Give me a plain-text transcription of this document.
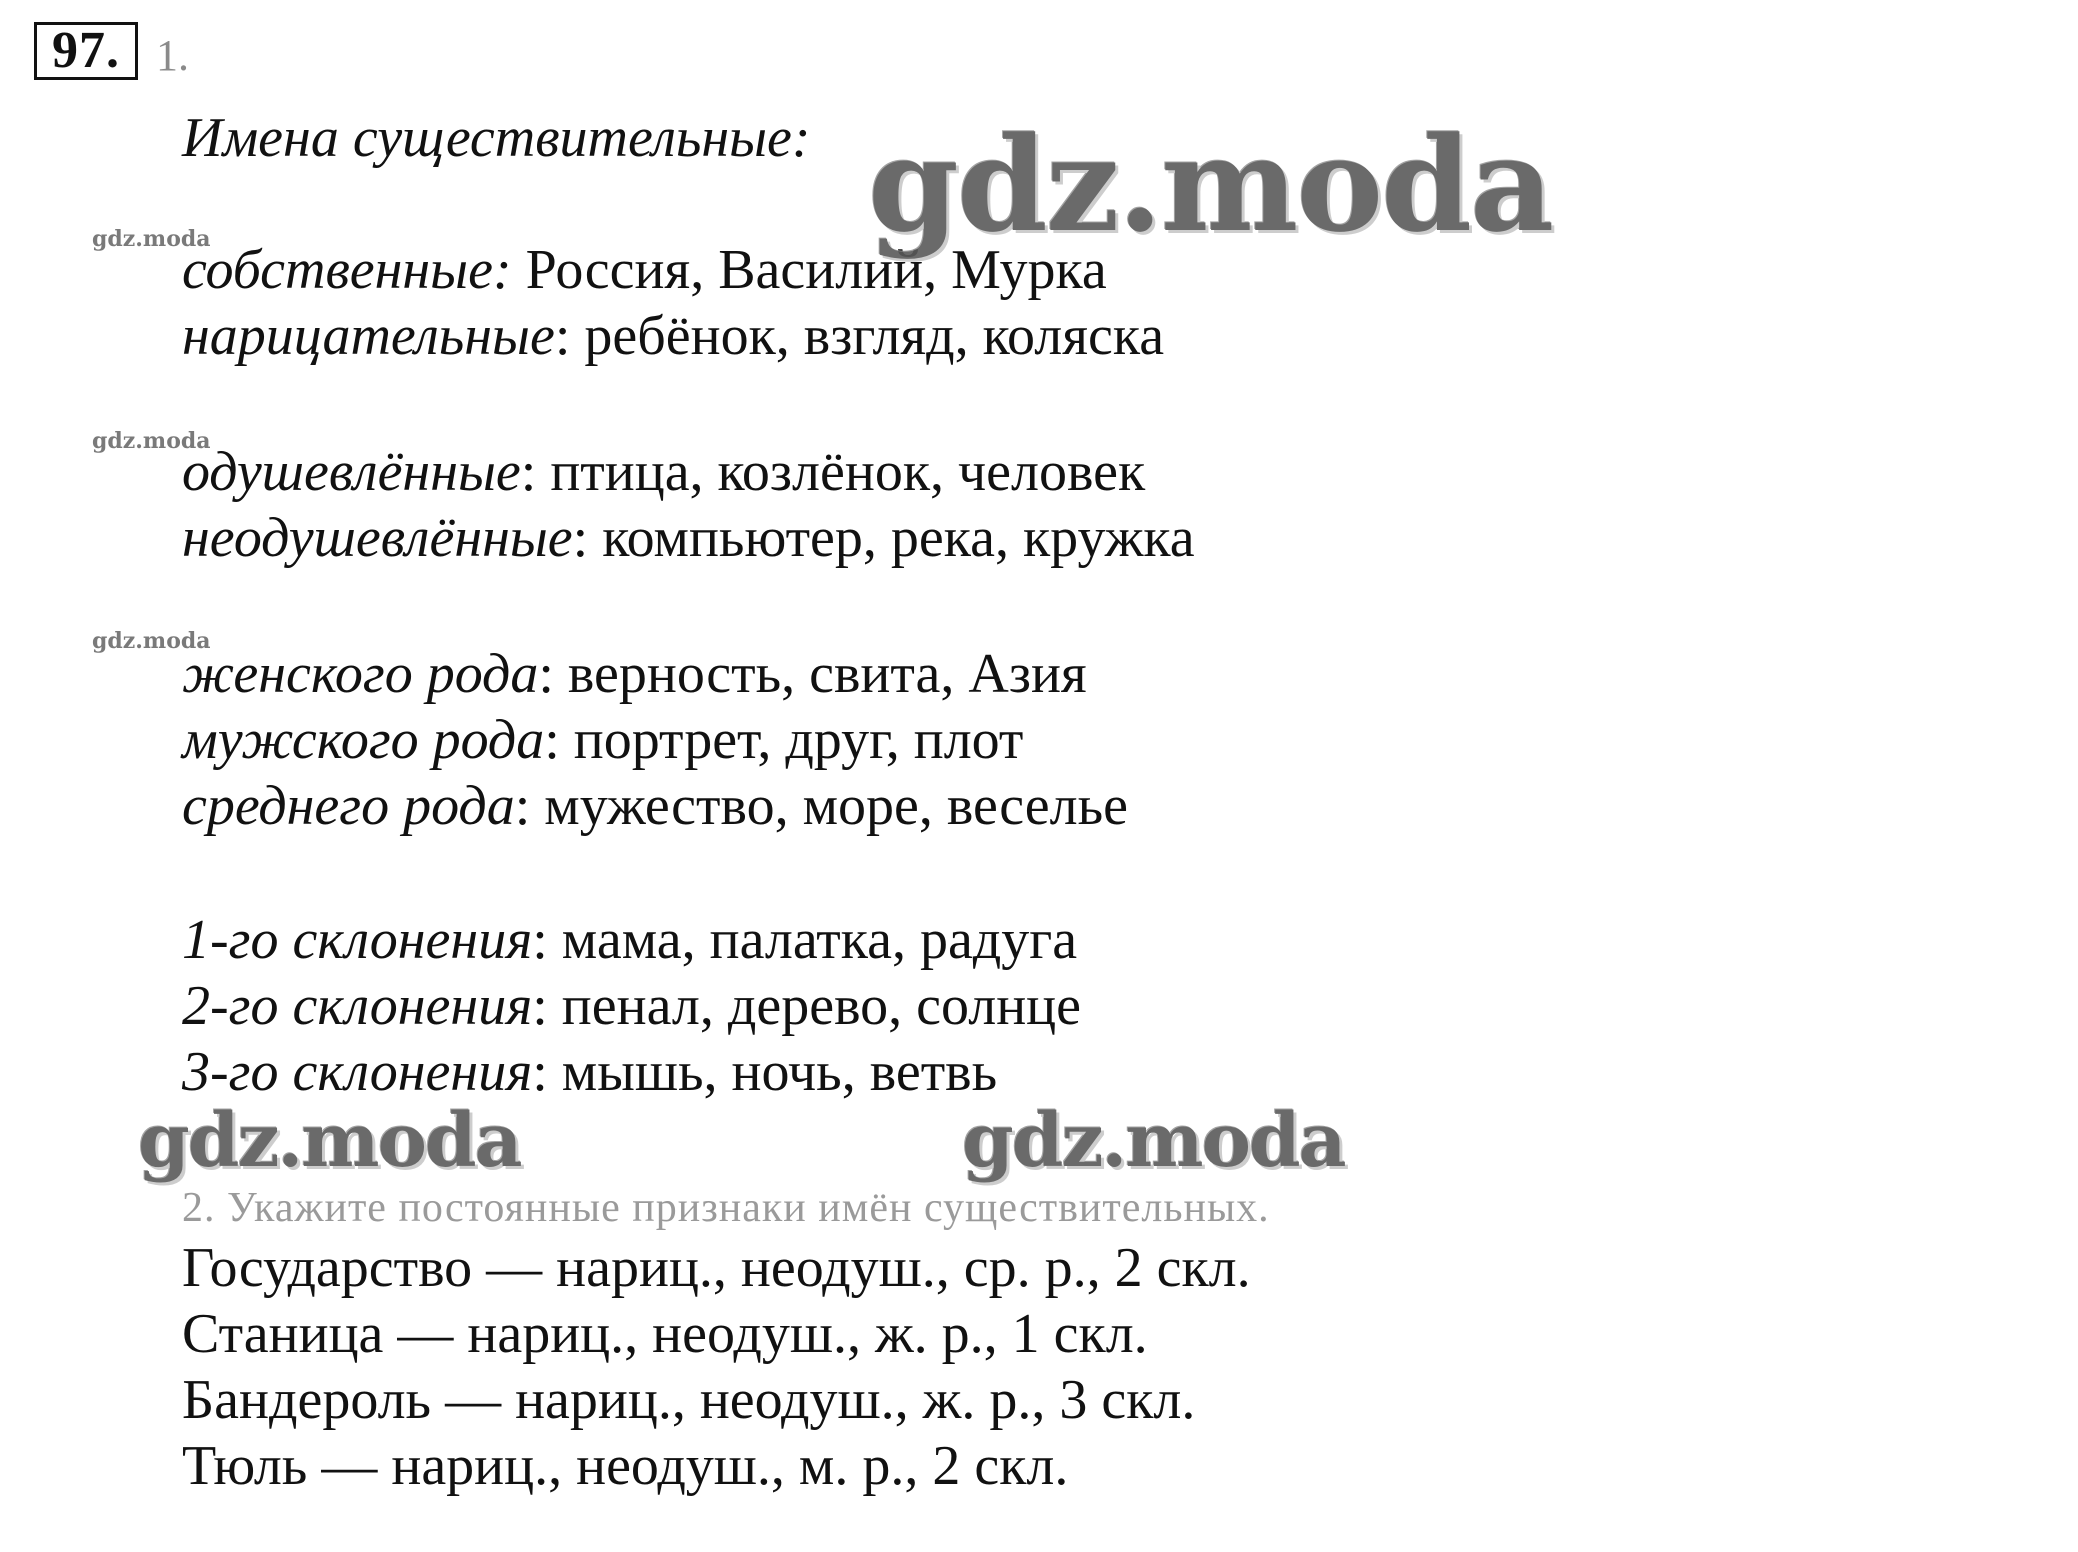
97. 1.
Имена существительные:
собственные: Россия, Василий, Мурка
нарицательные: ребёнок, взгляд, коляска
одушевлённые: птица, козлёнок, человек
неодушевлённые: компьютер, река, кружка
женского рода: верность, свита, Азия
мужского рода: портрет, друг, плот
среднего рода: мужество, море, веселье
1-го склонения: мама, палатка, радуга
2-го склонения: пенал, дерево, солнце
3-го склонения: мышь, ночь, ветвь
2. Укажите постоянные признаки имён существительных.
Государство — нариц., неодуш., ср. р., 2 скл.
Станица — нариц., неодуш., ж. р., 1 скл.
Бандероль — нариц., неодуш., ж. р., 3 скл.
Тюль — нариц., неодуш., м. р., 2 скл.
gdz.moda
gdz.moda	gdz.moda
gdz.moda
gdz.moda
gdz.moda
